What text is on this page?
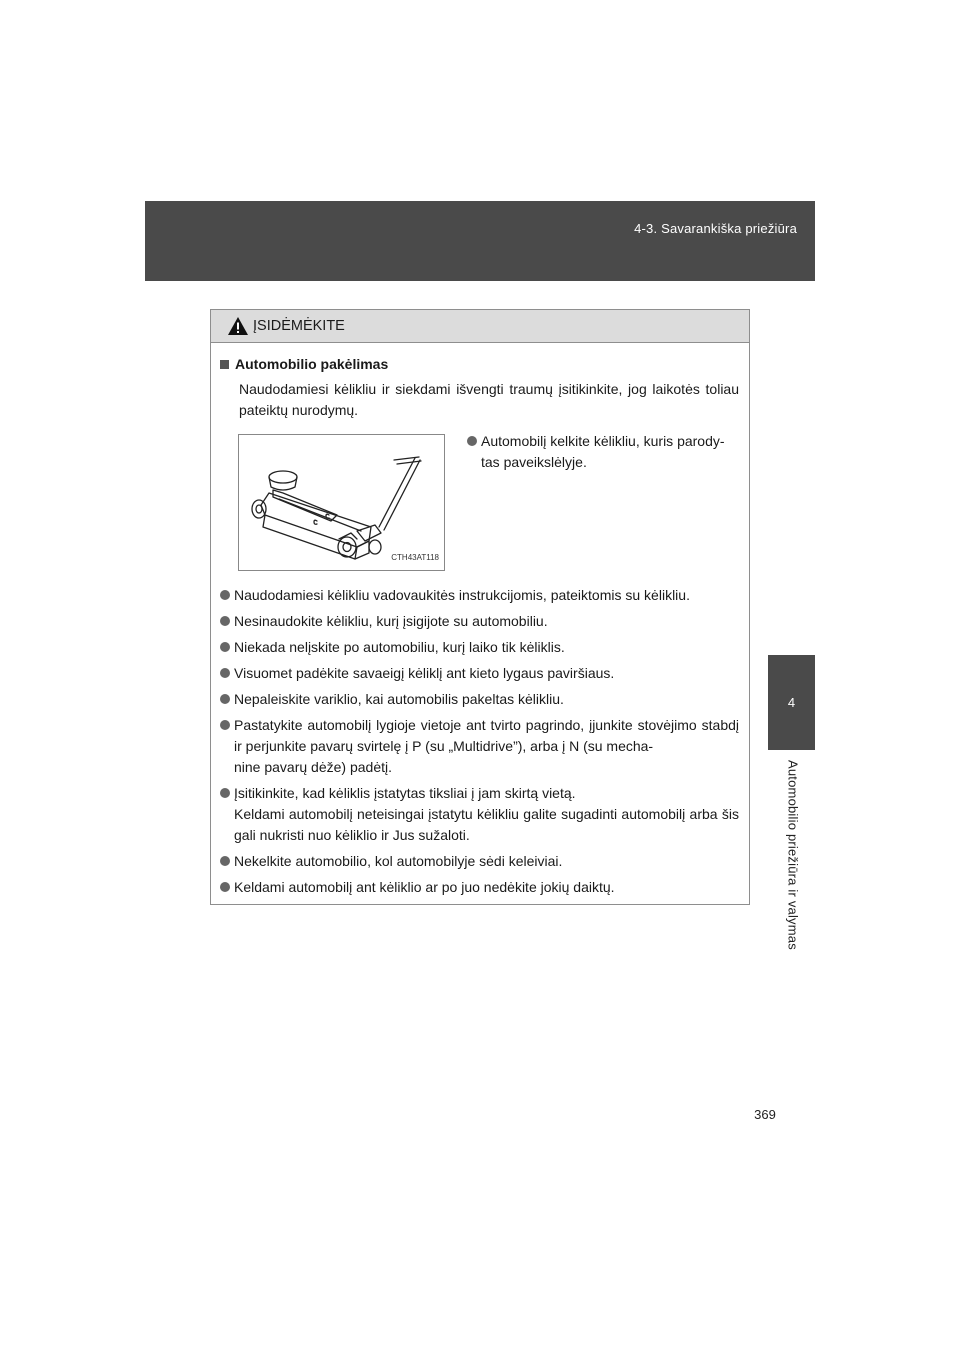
4-3. Savarankiška priežiūra
4
Automobilio priežiūra ir valymas
369
ĮSIDĖMĖKITE
Automobilio pakėlimas
Naudodamiesi kėlikliu ir siekdami išvengti traumų įsitikinkite, jog laikotės toliau pateiktų nurodymų.
CTH43AT118
Automobilį kelkite kėlikliu, kuris parody-
tas paveikslėlyje.
Naudodamiesi kėlikliu vadovaukitės instrukcijomis, pateiktomis su kėlikliu.
Nesinaudokite kėlikliu, kurį įsigijote su automobiliu.
Niekada nelįskite po automobiliu, kurį laiko tik kėliklis.
Visuomet padėkite savaeigį kėliklį ant kieto lygaus paviršiaus.
Nepaleiskite variklio, kai automobilis pakeltas kėlikliu.
Pastatykite automobilį lygioje vietoje ant tvirto pagrindo, įjunkite stovėjimo stabdį ir perjunkite pavarų svirtelę į P (su „Multidrive”), arba į N (su mecha-
nine pavarų dėže) padėtį.
Įsitikinkite, kad kėliklis įstatytas tiksliai į jam skirtą vietą.
Keldami automobilį neteisingai įstatytu kėlikliu galite sugadinti automobilį arba šis gali nukristi nuo kėliklio ir Jus sužaloti.
Nekelkite automobilio, kol automobilyje sėdi keleiviai.
Keldami automobilį ant kėliklio ar po juo nedėkite jokių daiktų.
